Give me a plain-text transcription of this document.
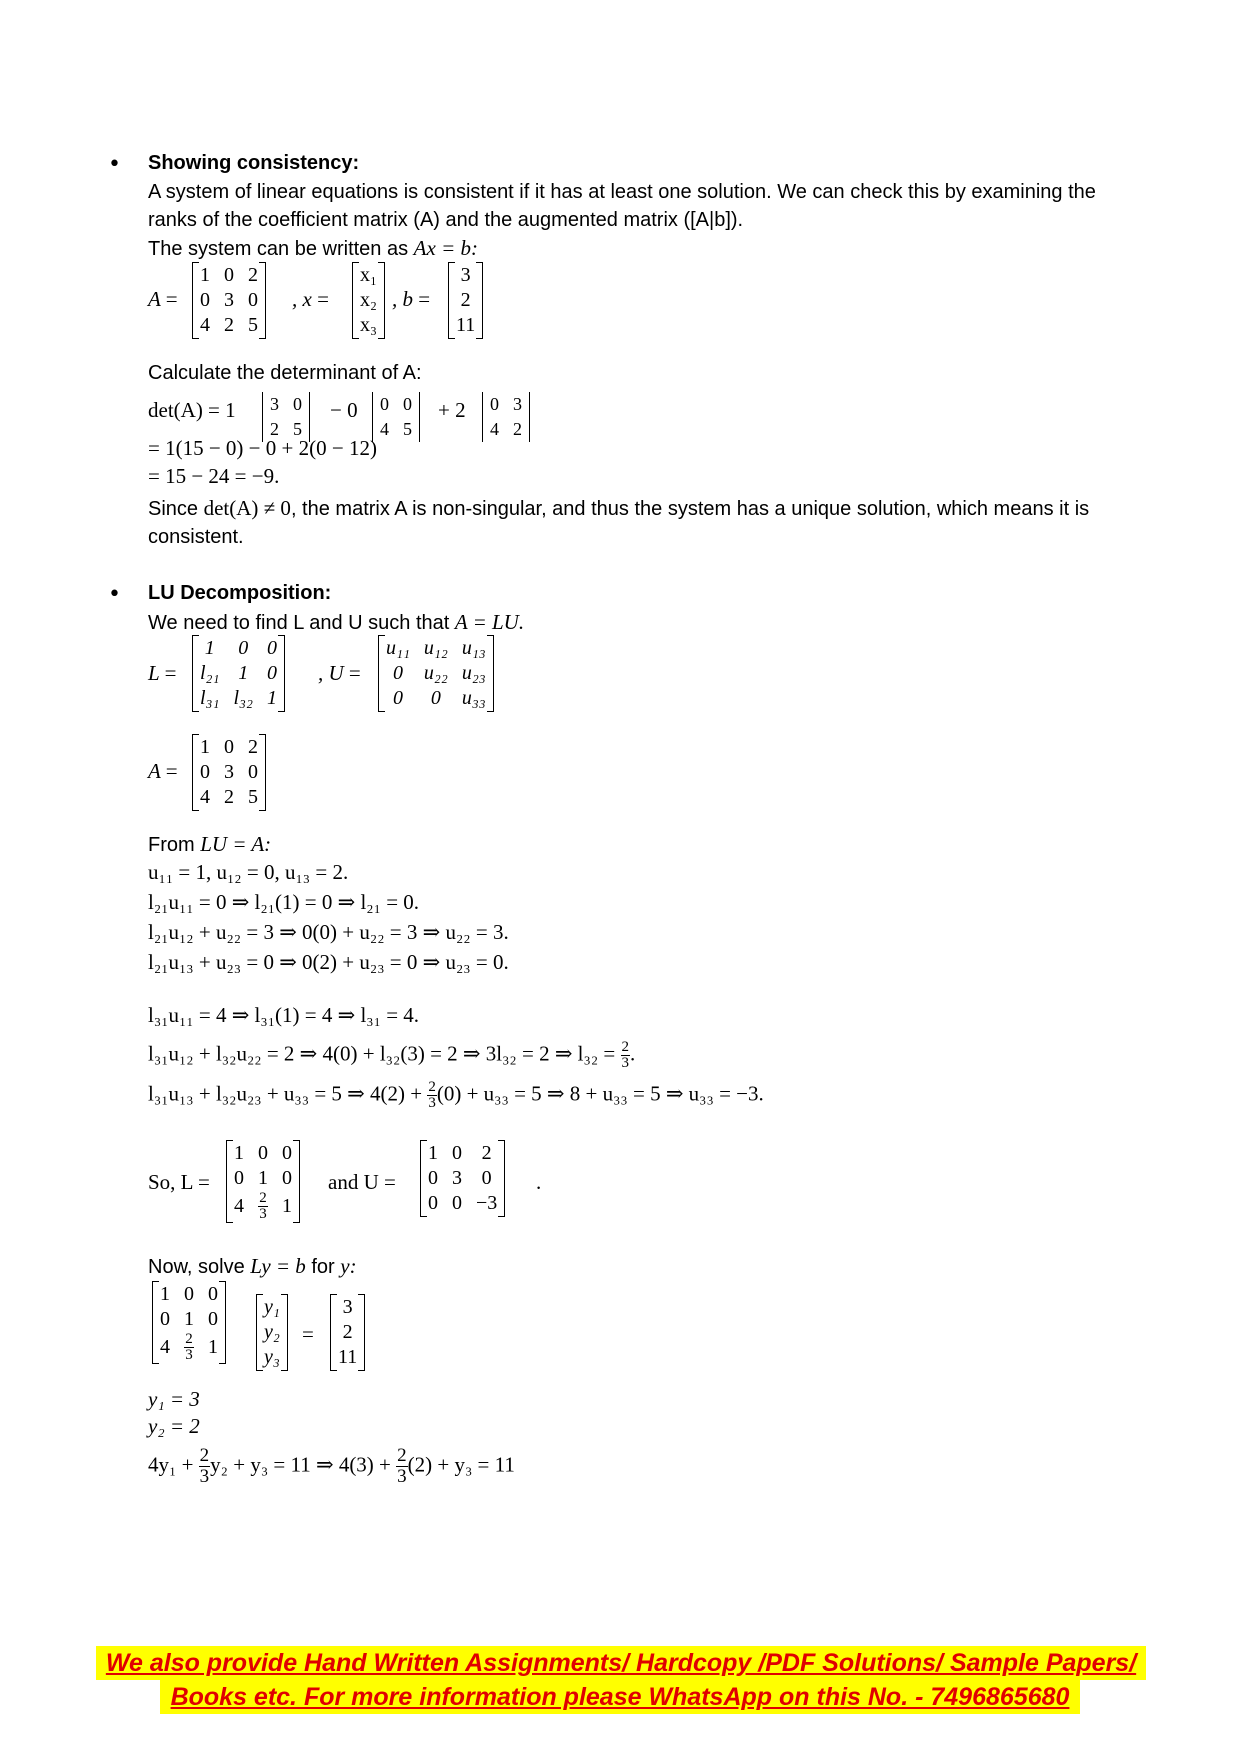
• Showing consistency:
A system of linear equations is consistent if it has at least one solution. We can check this by examining the
ranks of the coefficient matrix (A) and the augmented matrix ([A|b]).
The system can be written as Ax = b:
A =
1	0	2
0	3	0
4	2	5
, x =
x₁
x₂
x₃
, b =
3
2
11
Calculate the determinant of A:
det(A) = 1 3	0
2	5
− 0 0	0
4	5
+ 2 0	3
4	2
= 1(15 − 0) − 0 + 2(0 − 12)
= 15 − 24 = −9.
Since det(A) ≠ 0, the matrix A is non-singular, and thus the system has a unique solution, which means it is
consistent.
• LU Decomposition:
We need to find L and U such that A = LU.
L =
1	0	0
l₂₁	1	0
l₃₁	l₃₂	1
, U =
u₁₁	u₁₂	u₁₃
0	u₂₂	u₂₃
0	0	u₃₃
A =
1	0	2
0	3	0
4	2	5
From LU = A:
u₁₁ = 1, u₁₂ = 0, u₁₃ = 2.
l₂₁u₁₁ = 0 ⇒ l₂₁(1) = 0 ⇒ l₂₁ = 0.
l₂₁u₁₂ + u₂₂ = 3 ⇒ 0(0) + u₂₂ = 3 ⇒ u₂₂ = 3.
l₂₁u₁₃ + u₂₃ = 0 ⇒ 0(2) + u₂₃ = 0 ⇒ u₂₃ = 0.
l₃₁u₁₁ = 4 ⇒ l₃₁(1) = 4 ⇒ l₃₁ = 4.
l₃₁u₁₂ + l₃₂u₂₂ = 2 ⇒ 4(0) + l₃₂(3) = 2 ⇒ 3l₃₂ = 2 ⇒ $l_{32} = \frac{2}{3}$ .
l₃₁u₁₃ + l₃₂u₂₃ + u₃₃ = 5 ⇒ $4(2) + \frac{2}{3} (0) + u_{33} = 5$ ⇒ 8 + u₃₃ = 5 ⇒ u₃₃ = −3.
So, L =
1	0	0
0	1	0
4	$\frac{2}{3}$	1
and U =
1	0	2
0	3	0
0	0	−3
.
Now, solve Ly = b for y:
1	0	0
0	1	0
4	$\frac{2}{3}$	1
y₁
y₂
y₃
=
3
2
11
y₁ = 3
y₂ = 2
$4y_1 + \frac{2}{3} y_2 + y_3 = 11$ ⇒ $4(3) + \frac{2}{3} (2) + y_3 = 11$
We also provide Hand Written Assignments/ Hardcopy /PDF Solutions/ Sample Papers/
Books etc. For more information please WhatsApp on this No. - 7496865680
